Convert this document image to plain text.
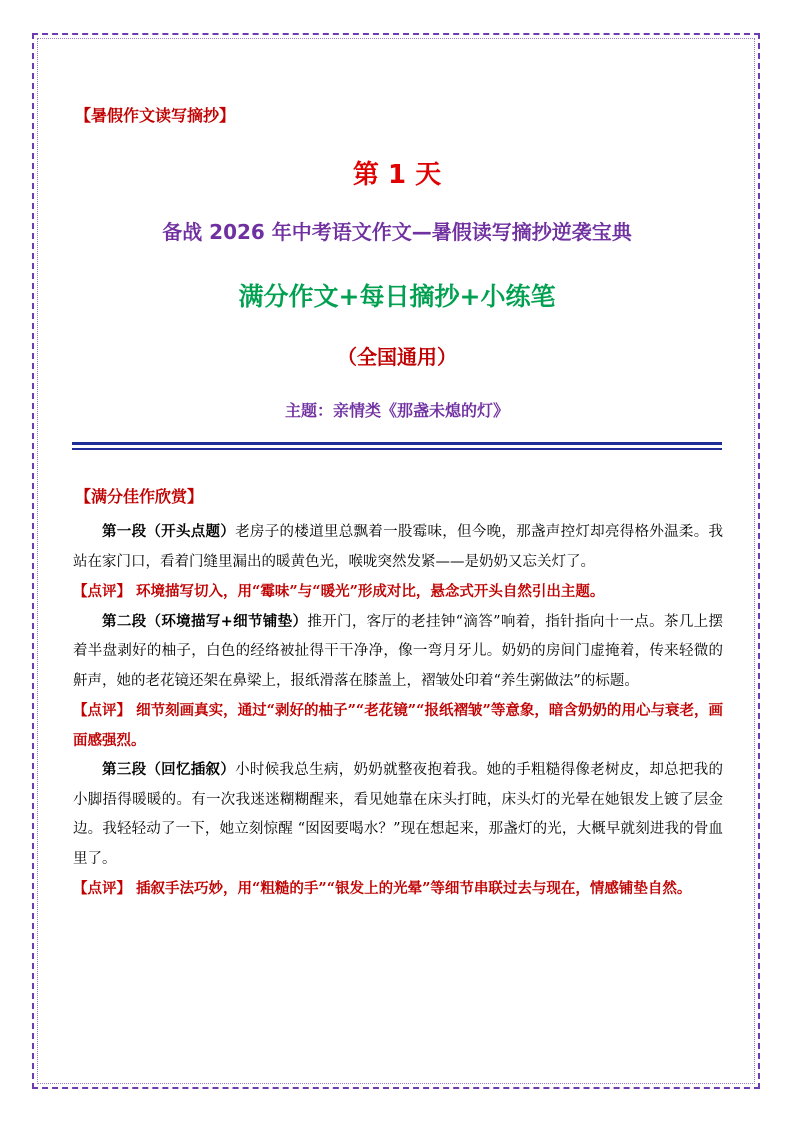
【暑假作文读写摘抄】
第 1 天
备战 2026 年中考语文作文—暑假读写摘抄逆袭宝典
满分作文+每日摘抄+小练笔
（全国通用）
主题：亲情类《那盏未熄的灯》
【满分佳作欣赏】

第一段（开头点题）老房子的楼道里总飘着一股霉味，但今晚，那盏声控灯却亮得格外温柔。我站在家门口，看着门缝里漏出的暖黄色光，喉咙突然发紧——是奶奶又忘关灯了。

【点评】 环境描写切入，用“霉味”与“暖光”形成对比，悬念式开头自然引出主题。

第二段（环境描写+细节铺垫）推开门，客厅的老挂钟“滴答”响着，指针指向十一点。茶几上摆着半盘剥好的柚子，白色的经络被扯得干干净净，像一弯月牙儿。奶奶的房间门虚掩着，传来轻微的鼾声，她的老花镜还架在鼻梁上，报纸滑落在膝盖上，褶皱处印着“养生粥做法”的标题。

【点评】 细节刻画真实，通过“剥好的柚子”“老花镜”“报纸褶皱”等意象，暗含奶奶的用心与衰老，画面感强烈。

第三段（回忆插叙）小时候我总生病，奶奶就整夜抱着我。她的手粗糙得像老树皮，却总把我的小脚捂得暖暖的。有一次我迷迷糊糊醒来，看见她靠在床头打盹，床头灯的光晕在她银发上镀了层金边。我轻轻动了一下，她立刻惊醒 “囡囡要喝水？”现在想起来，那盏灯的光，大概早就刻进我的骨血里了。

【点评】 插叙手法巧妙，用“粗糙的手”“银发上的光晕”等细节串联过去与现在，情感铺垫自然。
